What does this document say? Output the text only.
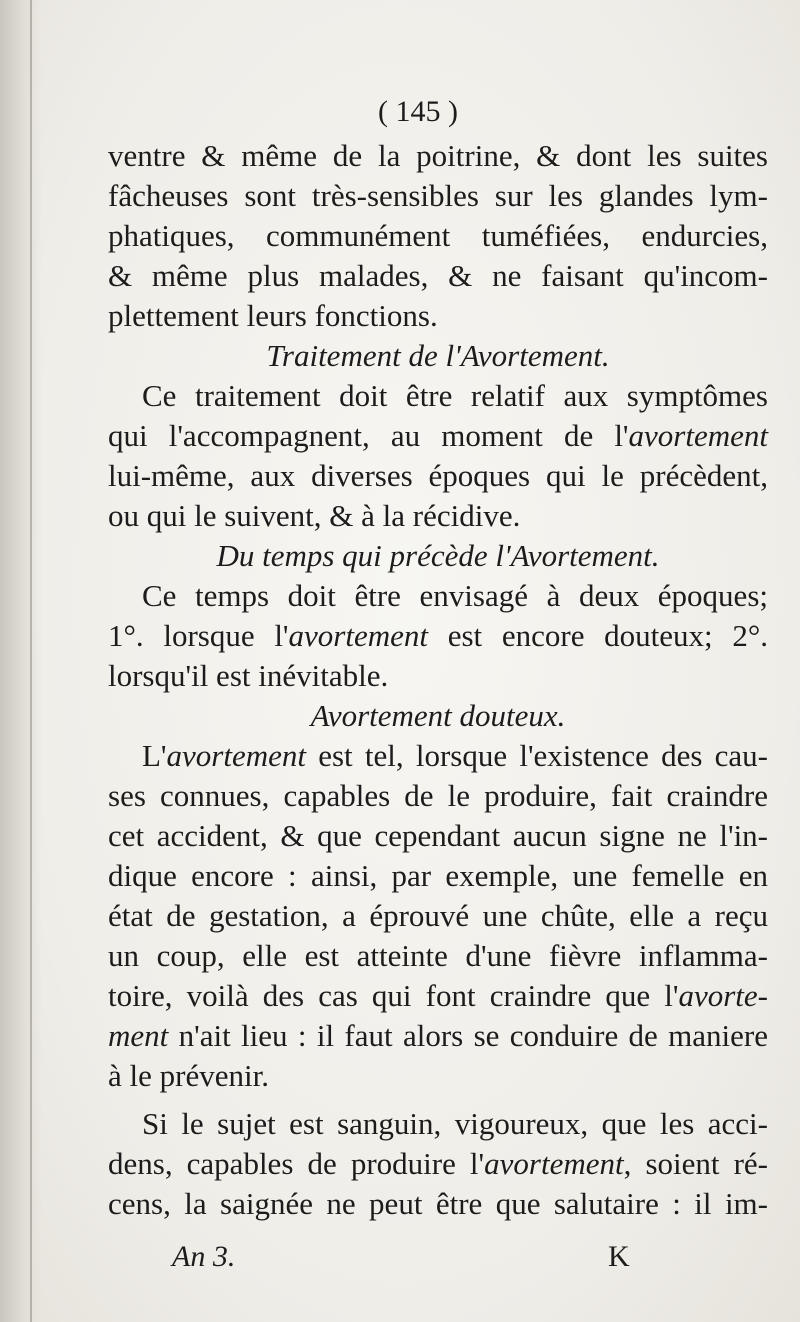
( 145 )
ventre & même de la poitrine, & dont les suites
fâcheuses sont très-sensibles sur les glandes lym-
phatiques, communément tuméfiées, endurcies,
& même plus malades, & ne faisant qu'incom-
plettement leurs fonctions.
Traitement de l'Avortement.
Ce traitement doit être relatif aux symptômes
qui l'accompagnent, au moment de l'avortement
lui-même, aux diverses époques qui le précèdent,
ou qui le suivent, & à la récidive.
Du temps qui précède l'Avortement.
Ce temps doit être envisagé à deux époques;
1°. lorsque l'avortement est encore douteux; 2°.
lorsqu'il est inévitable.
Avortement douteux.
L'avortement est tel, lorsque l'existence des cau-
ses connues, capables de le produire, fait craindre
cet accident, & que cependant aucun signe ne l'in-
dique encore : ainsi, par exemple, une femelle en
état de gestation, a éprouvé une chûte, elle a reçu
un coup, elle est atteinte d'une fièvre inflamma-
toire, voilà des cas qui font craindre que l'avorte-
ment n'ait lieu : il faut alors se conduire de maniere
à le prévenir.
Si le sujet est sanguin, vigoureux, que les acci-
dens, capables de produire l'avortement, soient ré-
cens, la saignée ne peut être que salutaire : il im-
An 3.	K
